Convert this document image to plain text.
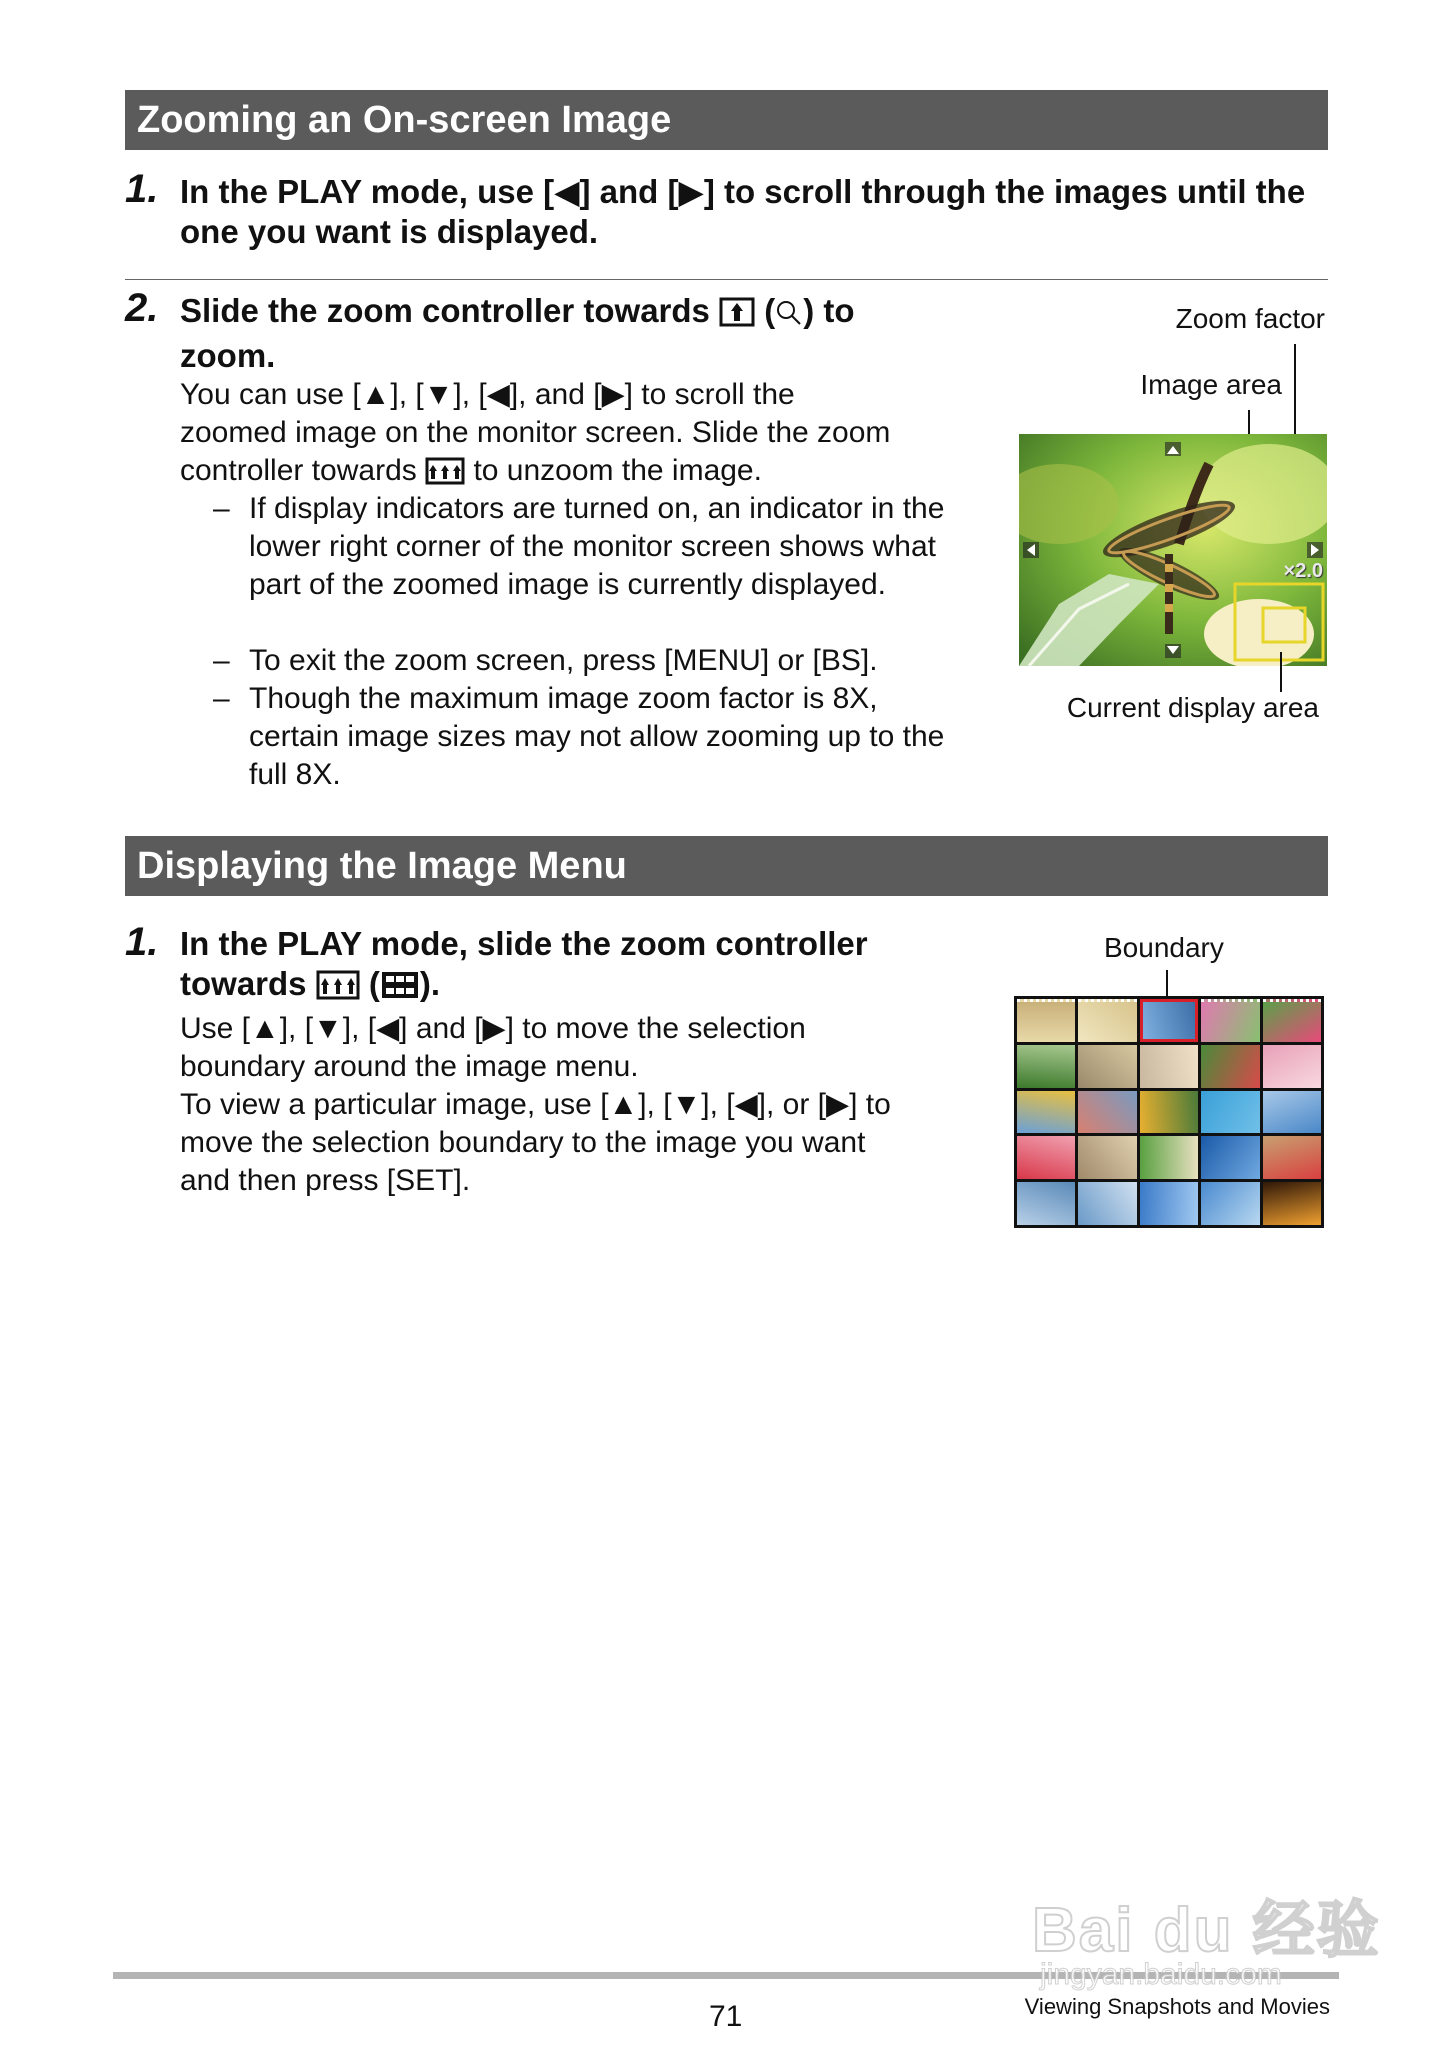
Zooming an On-screen Image
1. In the PLAY mode, use [◀] and [▶] to scroll through the images until the one you want is displayed.
2. Slide the zoom controller towards  ( ) to
zoom.
You can use [▲], [▼], [◀], and [▶] to scroll the
zoomed image on the monitor screen. Slide the zoom
controller towards to unzoom the image.
– If display indicators are turned on, an indicator in the lower right corner of the monitor screen shows what part of the zoomed image is currently displayed.
– To exit the zoom screen, press [MENU] or [BS].
– Though the maximum image zoom factor is 8X, certain image sizes may not allow zooming up to the full 8X.
Zoom factor
Image area
×2.0
Current display area
Displaying the Image Menu
1. In the PLAY mode, slide the zoom controller
towards  ( ).
Use [▲], [▼], [◀] and [▶] to move the selection
boundary around the image menu.
To view a particular image, use [▲], [▼], [◀], or [▶] to
move the selection boundary to the image you want
and then press [SET].
Boundary
71	Viewing Snapshots and Movies
Bai du 经验
jingyan.baidu.com
